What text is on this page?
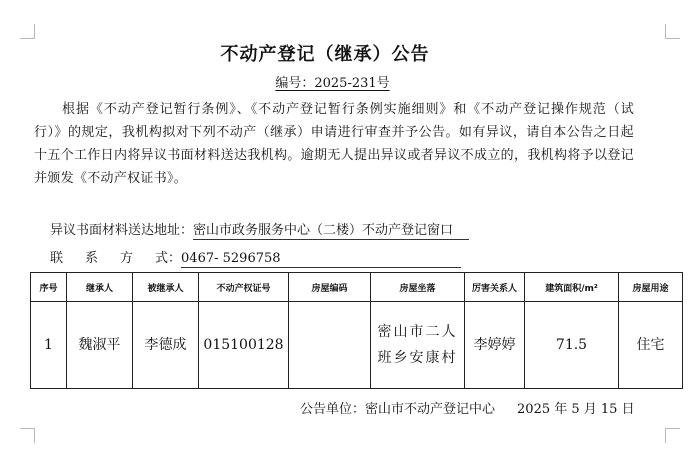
不动产登记（继承）公告
编号：2025-231号
根据《不动产登记暂行条例》、《不动产登记暂行条例实施细则》和《不动产登记操作规范（试行）》的规定，我机构拟对下列不动产（继承）申请进行审查并予公告。如有异议，请自本公告之日起十五个工作日内将异议书面材料送达我机构。逾期无人提出异议或者异议不成立的，我机构将予以登记并颁发《不动产权证书》。
异议书面材料送达地址：密山市政务服务中心（二楼）不动产登记窗口
联系方式：0467- 5296758
序号	继承人	被继承人	不动产权证号	房屋编码	房屋坐落	厉害关系人	建筑面积/m²	房屋用途
1	魏淑平	李德成	015100128		密山市二人班乡安康村	李婷婷	71.5	住宅
公告单位：密山市不动产登记中心 2025 年 5 月 15 日
